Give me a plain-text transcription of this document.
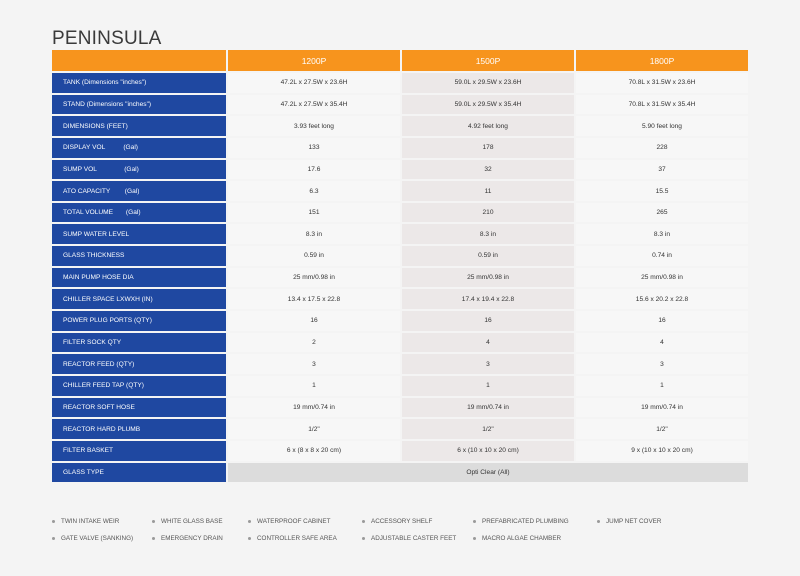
PENINSULA
	1200P	1500P	1800P
TANK (Dimensions "inches")	47.2L x 27.5W x 23.6H	59.0L x 29.5W x 23.6H	70.8L x 31.5W x 23.6H
STAND (Dimensions "inches")	47.2L x 27.5W x 35.4H	59.0L x 29.5W x 35.4H	70.8L x 31.5W x 35.4H
DIMENSIONS (FEET)	3.93 feet long	4.92 feet long	5.90 feet long
DISPLAY VOL          (Gal)	133	178	228
SUMP VOL               (Gal)	17.6	32	37
ATO CAPACITY        (Gal)	6.3	11	15.5
TOTAL VOLUME       (Gal)	151	210	265
SUMP WATER LEVEL	8.3 in	8.3 in	8.3 in
GLASS THICKNESS	0.59 in	0.59 in	0.74 in
MAIN PUMP HOSE DIA	25 mm/0.98 in	25 mm/0.98 in	25 mm/0.98 in
CHILLER SPACE LXWXH (IN)	13.4 x 17.5 x 22.8	17.4 x 19.4 x 22.8	15.6 x 20.2 x 22.8
POWER PLUG PORTS (QTY)	16	16	16
FILTER SOCK QTY	2	4	4
REACTOR FEED (QTY)	3	3	3
CHILLER FEED TAP (QTY)	1	1	1
REACTOR SOFT HOSE	19 mm/0.74 in	19 mm/0.74 in	19 mm/0.74 in
REACTOR HARD PLUMB	1/2"	1/2"	1/2"
FILTER BASKET	6 x (8 x 8 x 20 cm)	6 x (10 x 10 x 20 cm)	9 x (10 x 10 x 20 cm)
GLASS TYPE	Opti Clear (All)		
TWIN INTAKE WEIR	WHITE GLASS BASE	WATERPROOF CABINET	ACCESSORY SHELF	PREFABRICATED PLUMBING	JUMP NET COVER
GATE VALVE (SANKING)	EMERGENCY DRAIN	CONTROLLER SAFE AREA	ADJUSTABLE CASTER FEET	MACRO ALGAE CHAMBER
